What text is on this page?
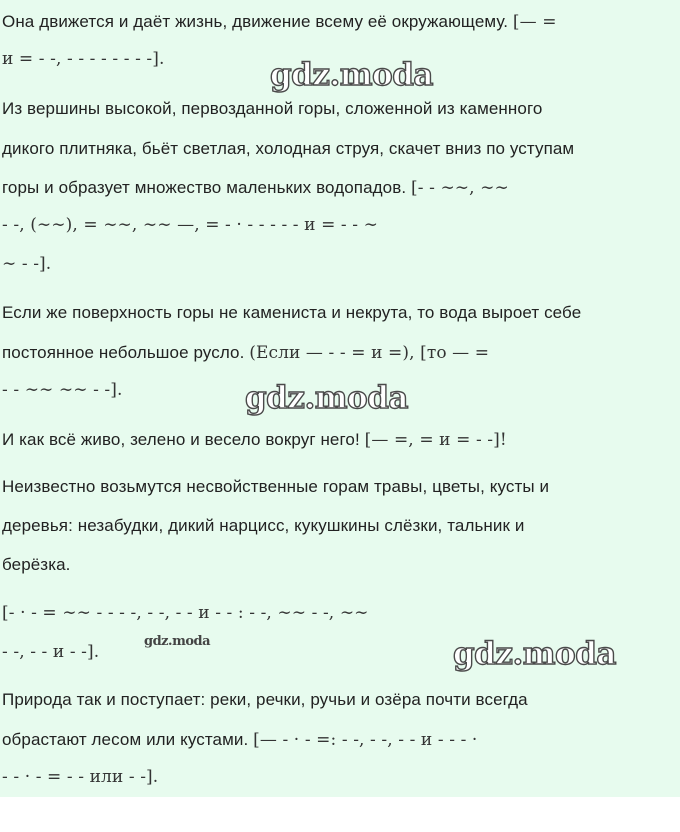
Она движется и даёт жизнь, движение всему её окружающему. [— =
и = - -, - - - - - - - -].
Из вершины высокой, первозданной горы, сложенной из каменного
дикого плитняка, бьёт светлая, холодная струя, скачет вниз по уступам
горы и образует множество маленьких водопадов. [- - ∼∼, ∼∼
- -, (∼∼), = ∼∼, ∼∼ —, = - · - - - - - и = - - ∼
∼ - -].
Если же поверхность горы не камениста и некрута, то вода выроет себе
постоянное небольшое русло. (Если — - - = и =), [то — =
- - ∼∼ ∼∼ - -].
И как всё живо, зелено и весело вокруг него! [— =, = и = - -]!
Неизвестно возьмутся несвойственные горам травы, цветы, кусты и
деревья: незабудки, дикий нарцисс, кукушкины слёзки, тальник и
берёзка.
[- · - = ∼∼ - - - -, - -, - - и - - : - -, ∼∼ - -, ∼∼
- -, - - и - -].
Природа так и поступает: реки, речки, ручьи и озёра почти всегда
обрастают лесом или кустами. [— - · - =: - -, - -, - - и - - - ·
- - · - = - - или - -].
gdz.moda
gdz.moda
gdz.moda
gdz.moda
